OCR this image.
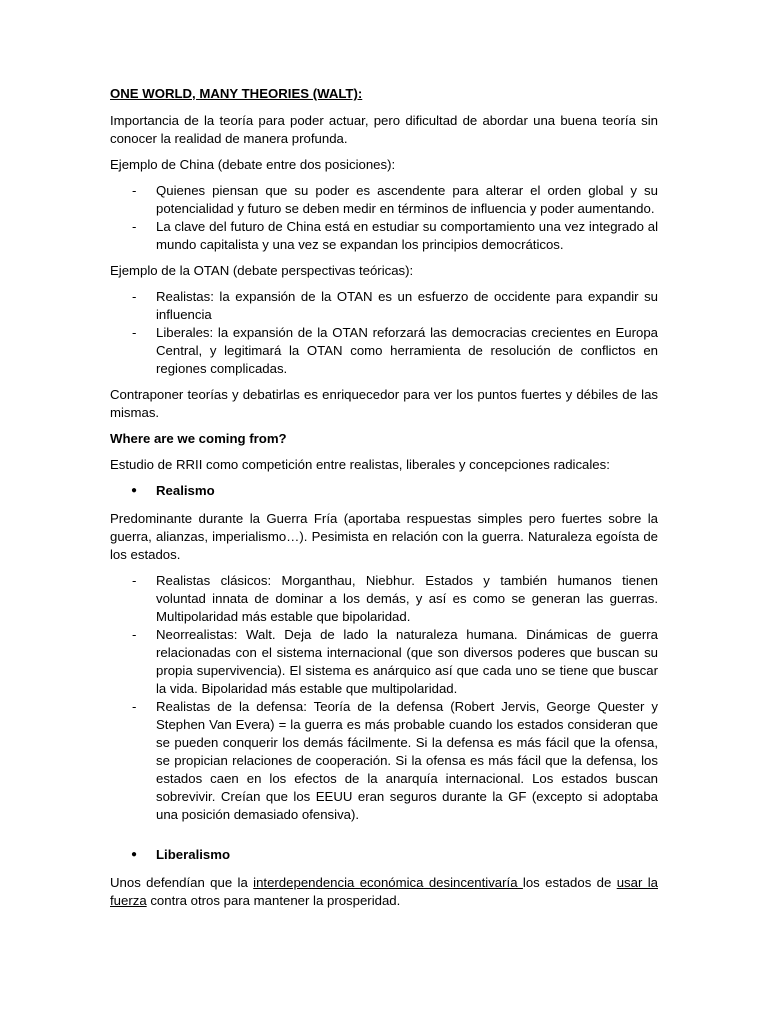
ONE WORLD, MANY THEORIES (WALT):

Importancia de la teoría para poder actuar, pero dificultad de abordar una buena teoría sin conocer la realidad de manera profunda.

Ejemplo de China (debate entre dos posiciones):

- Quienes piensan que su poder es ascendente para alterar el orden global y su potencialidad y futuro se deben medir en términos de influencia y poder aumentando.
- La clave del futuro de China está en estudiar su comportamiento una vez integrado al mundo capitalista y una vez se expandan los principios democráticos.

Ejemplo de la OTAN (debate perspectivas teóricas):

- Realistas: la expansión de la OTAN es un esfuerzo de occidente para expandir su influencia
- Liberales: la expansión de la OTAN reforzará las democracias crecientes en Europa Central, y legitimará la OTAN como herramienta de resolución de conflictos en regiones complicadas.

Contraponer teorías y debatirlas es enriquecedor para ver los puntos fuertes y débiles de las mismas.

Where are we coming from?

Estudio de RRII como competición entre realistas, liberales y concepciones radicales:

● Realismo

Predominante durante la Guerra Fría (aportaba respuestas simples pero fuertes sobre la guerra, alianzas, imperialismo…). Pesimista en relación con la guerra. Naturaleza egoísta de los estados.

- Realistas clásicos: Morganthau, Niebhur. Estados y también humanos tienen voluntad innata de dominar a los demás, y así es como se generan las guerras. Multipolaridad más estable que bipolaridad.
- Neorrealistas: Walt. Deja de lado la naturaleza humana. Dinámicas de guerra relacionadas con el sistema internacional (que son diversos poderes que buscan su propia supervivencia). El sistema es anárquico así que cada uno se tiene que buscar la vida. Bipolaridad más estable que multipolaridad.
- Realistas de la defensa: Teoría de la defensa (Robert Jervis, George Quester y Stephen Van Evera) = la guerra es más probable cuando los estados consideran que se pueden conquerir los demás fácilmente. Si la defensa es más fácil que la ofensa, se propician relaciones de cooperación. Si la ofensa es más fácil que la defensa, los estados caen en los efectos de la anarquía internacional. Los estados buscan sobrevivir. Creían que los EEUU eran seguros durante la GF (excepto si adoptaba una posición demasiado ofensiva).
● Liberalismo

Unos defendían que la interdependencia económica desincentivaría los estados de usar la fuerza contra otros para mantener la prosperidad.
